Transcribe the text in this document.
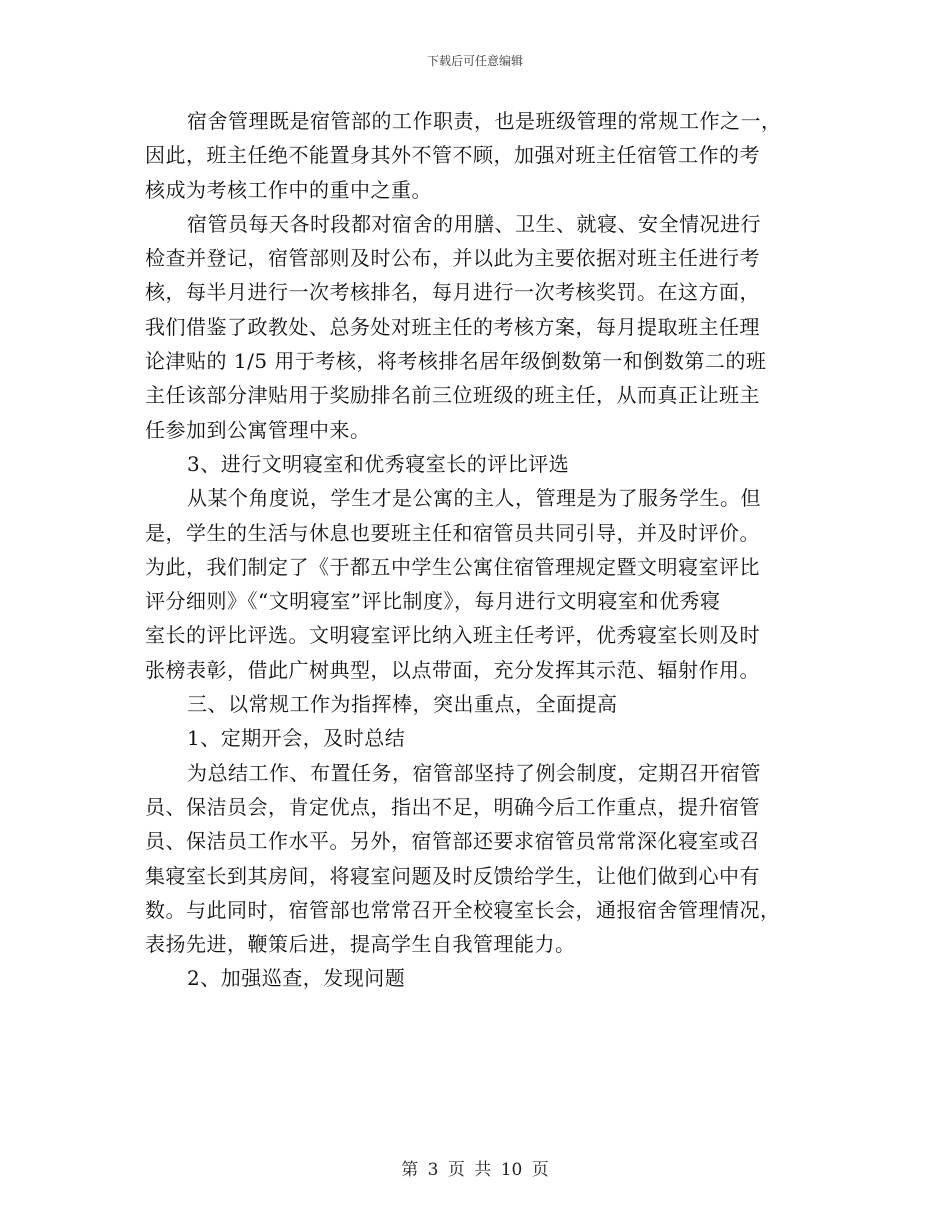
下载后可任意编辑
宿舍管理既是宿管部的工作职责，也是班级管理的常规工作之一，
因此，班主任绝不能置身其外不管不顾，加强对班主任宿管工作的考
核成为考核工作中的重中之重。
宿管员每天各时段都对宿舍的用膳、卫生、就寝、安全情况进行
检查并登记，宿管部则及时公布，并以此为主要依据对班主任进行考
核，每半月进行一次考核排名，每月进行一次考核奖罚。在这方面，
我们借鉴了政教处、总务处对班主任的考核方案，每月提取班主任理
论津贴的 1/5 用于考核，将考核排名居年级倒数第一和倒数第二的班
主任该部分津贴用于奖励排名前三位班级的班主任，从而真正让班主
任参加到公寓管理中来。
3、进行文明寝室和优秀寝室长的评比评选
从某个角度说，学生才是公寓的主人，管理是为了服务学生。但
是，学生的生活与休息也要班主任和宿管员共同引导，并及时评价。
为此，我们制定了《于都五中学生公寓住宿管理规定暨文明寝室评比
评分细则》《“文明寝室”评比制度》，每月进行文明寝室和优秀寝
室长的评比评选。文明寝室评比纳入班主任考评，优秀寝室长则及时
张榜表彰，借此广树典型，以点带面，充分发挥其示范、辐射作用。
三、以常规工作为指挥棒，突出重点，全面提高
1、定期开会，及时总结
为总结工作、布置任务，宿管部坚持了例会制度，定期召开宿管
员、保洁员会，肯定优点，指出不足，明确今后工作重点，提升宿管
员、保洁员工作水平。另外，宿管部还要求宿管员常常深化寝室或召
集寝室长到其房间，将寝室问题及时反馈给学生，让他们做到心中有
数。与此同时，宿管部也常常召开全校寝室长会，通报宿舍管理情况，
表扬先进，鞭策后进，提高学生自我管理能力。
2、加强巡查，发现问题
第 3 页 共 10 页
